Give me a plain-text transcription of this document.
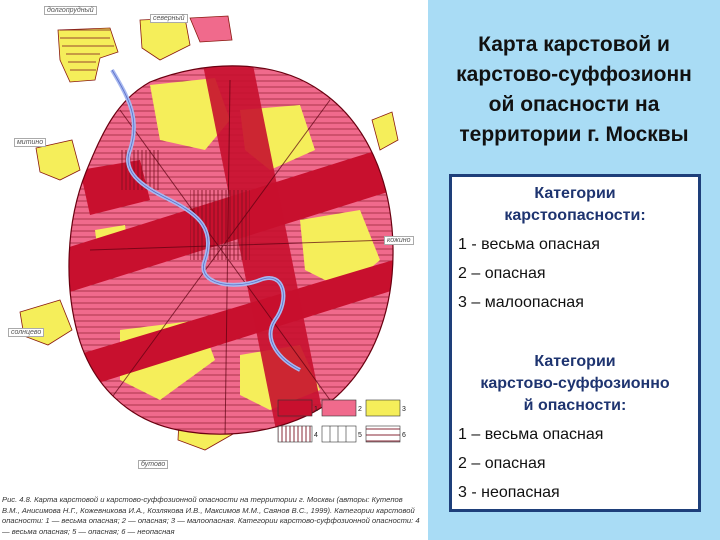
1	2	3
4	5	6
долгопрудный
северный
митино
кожино
солнцево
бутово
Рис. 4.8. Карта карстовой и карстово-суффозионной опасности на территории г. Москвы (авторы: Кутепов В.М., Анисимова Н.Г., Кожевникова И.А., Козлякова И.В., Максимов М.М., Саянов В.С., 1999). Категории карстовой опасности: 1 — весьма опасная; 2 — опасная; 3 — малоопасная. Категории карстово-суффозионной опасности: 4 — весьма опасная; 5 — опасная; 6 — неопасная
Карта карстовой и
карстово-суффозионн
ой опасности на
территории г. Москвы
Категории
карстоопасности:
1 - весьма опасная
2 – опасная
3 – малоопасная
Категории
карстово-суффозионно
й опасности:
1 – весьма опасная
2 – опасная
3 - неопасная
